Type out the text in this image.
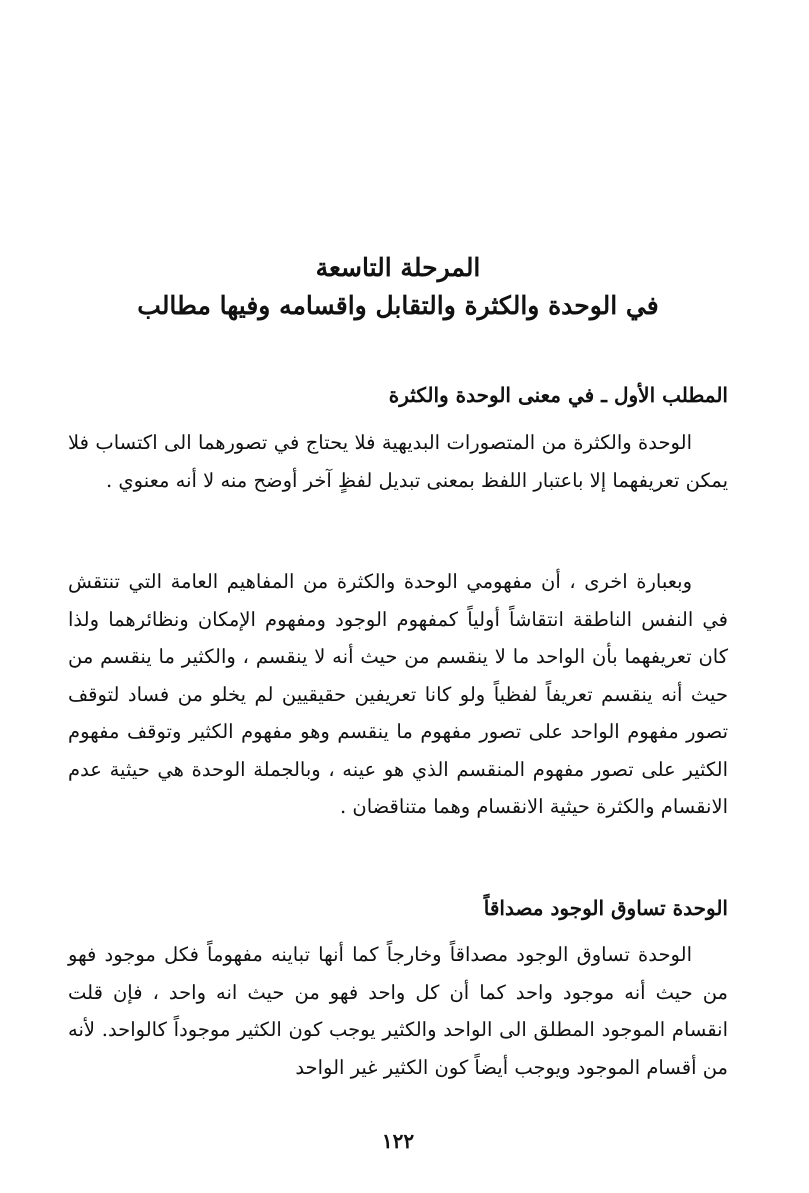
المرحلة التاسعة
في الوحدة والكثرة والتقابل واقسامه وفيها مطالب
المطلب الأول ـ في معنى الوحدة والكثرة

الوحدة والكثرة من المتصورات البديهية فلا يحتاج في تصورهما الى اكتساب فلا يمكن تعريفهما إلا باعتبار اللفظ بمعنى تبديل لفظٍ آخر أوضح منه لا أنه معنوي .

وبعبارة اخرى ، أن مفهومي الوحدة والكثرة من المفاهيم العامة التي تنتقش في النفس الناطقة انتقاشاً أولياً كمفهوم الوجود ومفهوم الإمكان ونظائرهما ولذا كان تعريفهما بأن الواحد ما لا ينقسم من حيث أنه لا ينقسم ، والكثير ما ينقسم من حيث أنه ينقسم تعريفاً لفظياً ولو كانا تعريفين حقيقيين لم يخلو من فساد لتوقف تصور مفهوم الواحد على تصور مفهوم ما ينقسم وهو مفهوم الكثير وتوقف مفهوم الكثير على تصور مفهوم المنقسم الذي هو عينه ، وبالجملة الوحدة هي حيثية عدم الانقسام والكثرة حيثية الانقسام وهما متناقضان .

الوحدة تساوق الوجود مصداقاً

الوحدة تساوق الوجود مصداقاً وخارجاً كما أنها تباينه مفهوماً فكل موجود فهو من حيث أنه موجود واحد كما أن كل واحد فهو من حيث انه واحد ، فإن قلت انقسام الموجود المطلق الى الواحد والكثير يوجب كون الكثير موجوداً كالواحد. لأنه من أقسام الموجود ويوجب أيضاً كون الكثير غير الواحد

١٢٢
